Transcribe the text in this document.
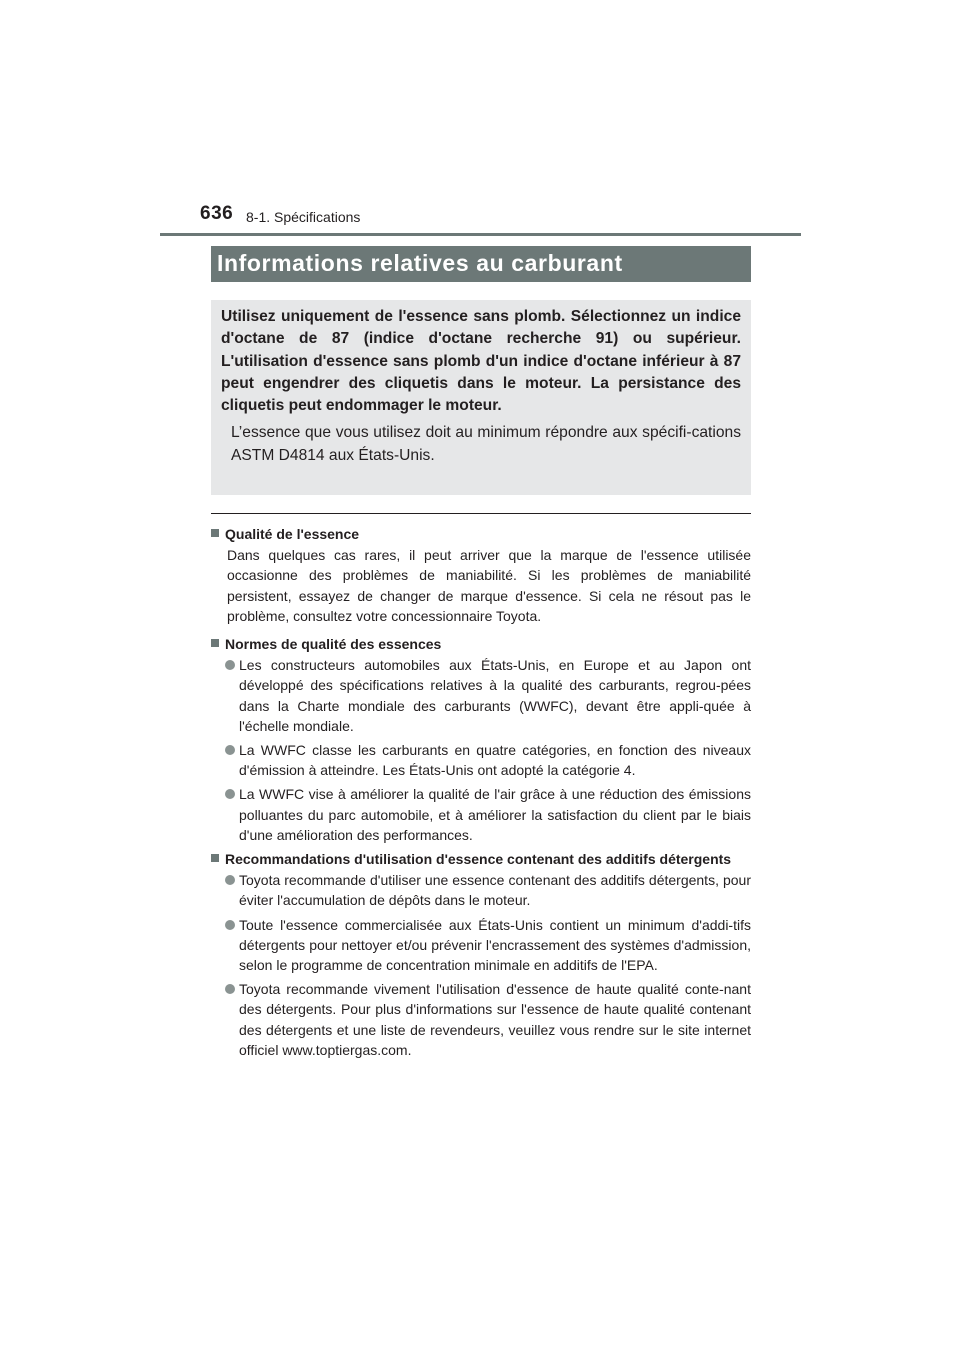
636 8-1. Spécifications
Informations relatives au carburant

Utilisez uniquement de l'essence sans plomb. Sélectionnez un indice d'octane de 87 (indice d'octane recherche 91) ou supérieur. L'utilisation d'essence sans plomb d'un indice d'octane inférieur à 87 peut engendrer des cliquetis dans le moteur. La persistance des cliquetis peut endommager le moteur.

L’essence que vous utilisez doit au minimum répondre aux spécifi-cations ASTM D4814 aux États-Unis.

Qualité de l'essence
Dans quelques cas rares, il peut arriver que la marque de l'essence utilisée occasionne des problèmes de maniabilité. Si les problèmes de maniabilité persistent, essayez de changer de marque d'essence. Si cela ne résout pas le problème, consultez votre concessionnaire Toyota.
Normes de qualité des essences
Les constructeurs automobiles aux États-Unis, en Europe et au Japon ont développé des spécifications relatives à la qualité des carburants, regrou-pées dans la Charte mondiale des carburants (WWFC), devant être appli-quée à l'échelle mondiale.
La WWFC classe les carburants en quatre catégories, en fonction des niveaux d'émission à atteindre. Les États-Unis ont adopté la catégorie 4.
La WWFC vise à améliorer la qualité de l'air grâce à une réduction des émissions polluantes du parc automobile, et à améliorer la satisfaction du client par le biais d'une amélioration des performances.
Recommandations d'utilisation d'essence contenant des additifs détergents
Toyota recommande d'utiliser une essence contenant des additifs détergents, pour éviter l'accumulation de dépôts dans le moteur.
Toute l'essence commercialisée aux États-Unis contient un minimum d'addi-tifs détergents pour nettoyer et/ou prévenir l'encrassement des systèmes d'admission, selon le programme de concentration minimale en additifs de l'EPA.
Toyota recommande vivement l'utilisation d'essence de haute qualité conte-nant des détergents. Pour plus d'informations sur l'essence de haute qualité contenant des détergents et une liste de revendeurs, veuillez vous rendre sur le site internet officiel www.toptiergas.com.
